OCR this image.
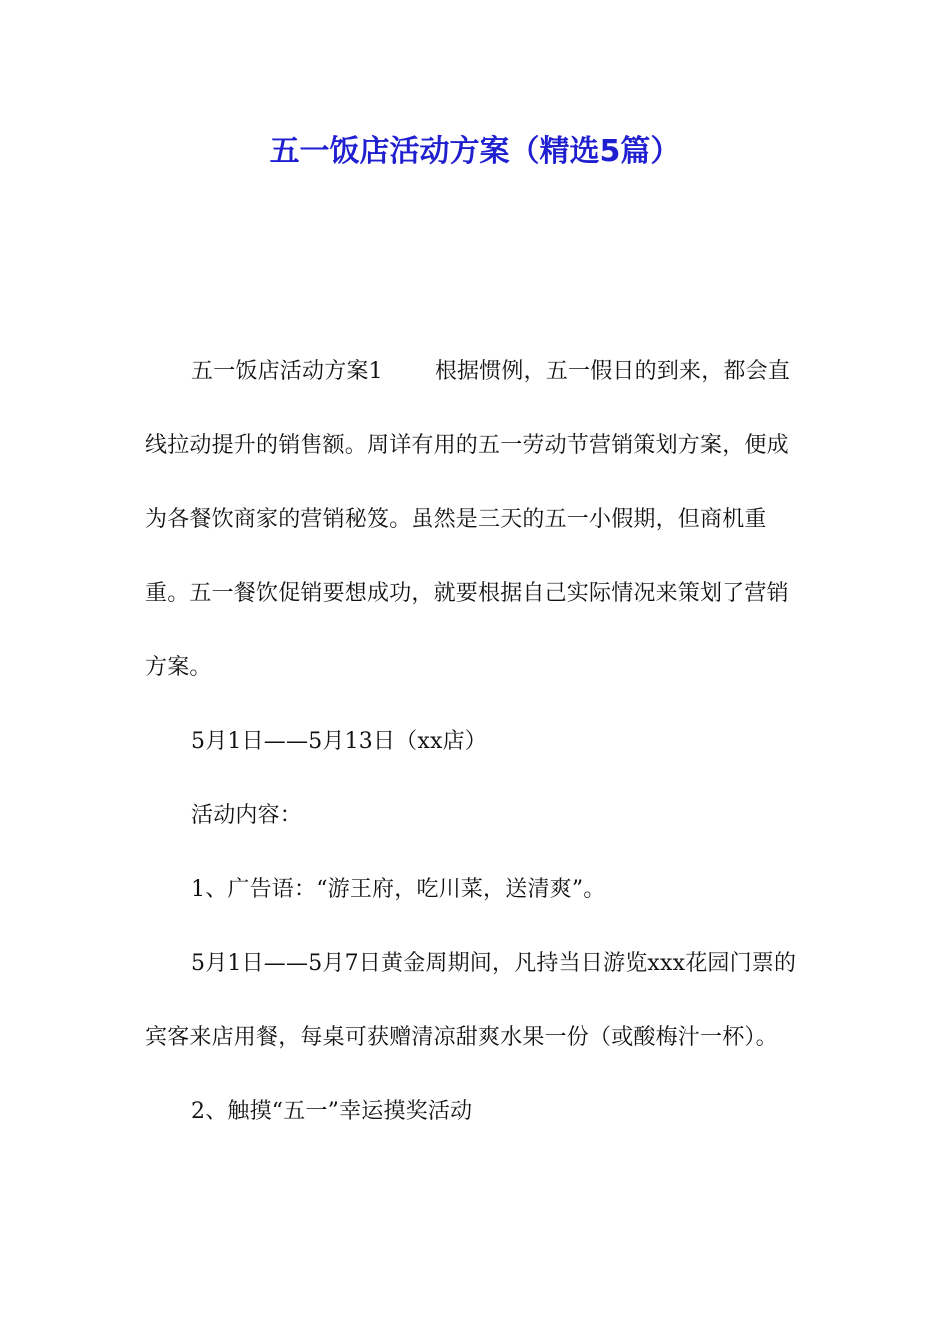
五一饭店活动方案（精选5篇）

五一饭店活动方案1 根据惯例，五一假日的到来，都会直线拉动提升的销售额。周详有用的五一劳动节营销策划方案，便成为各餐饮商家的营销秘笈。虽然是三天的五一小假期，但商机重重。五一餐饮促销要想成功，就要根据自己实际情况来策划了营销方案。

5月1日——5月13日（xx店）

活动内容：

1、广告语：“游王府，吃川菜，送清爽”。

5月1日——5月7日黄金周期间，凡持当日游览xxx花园门票的宾客来店用餐，每桌可获赠清凉甜爽水果一份（或酸梅汁一杯）。

2、触摸“五一”幸运摸奖活动
